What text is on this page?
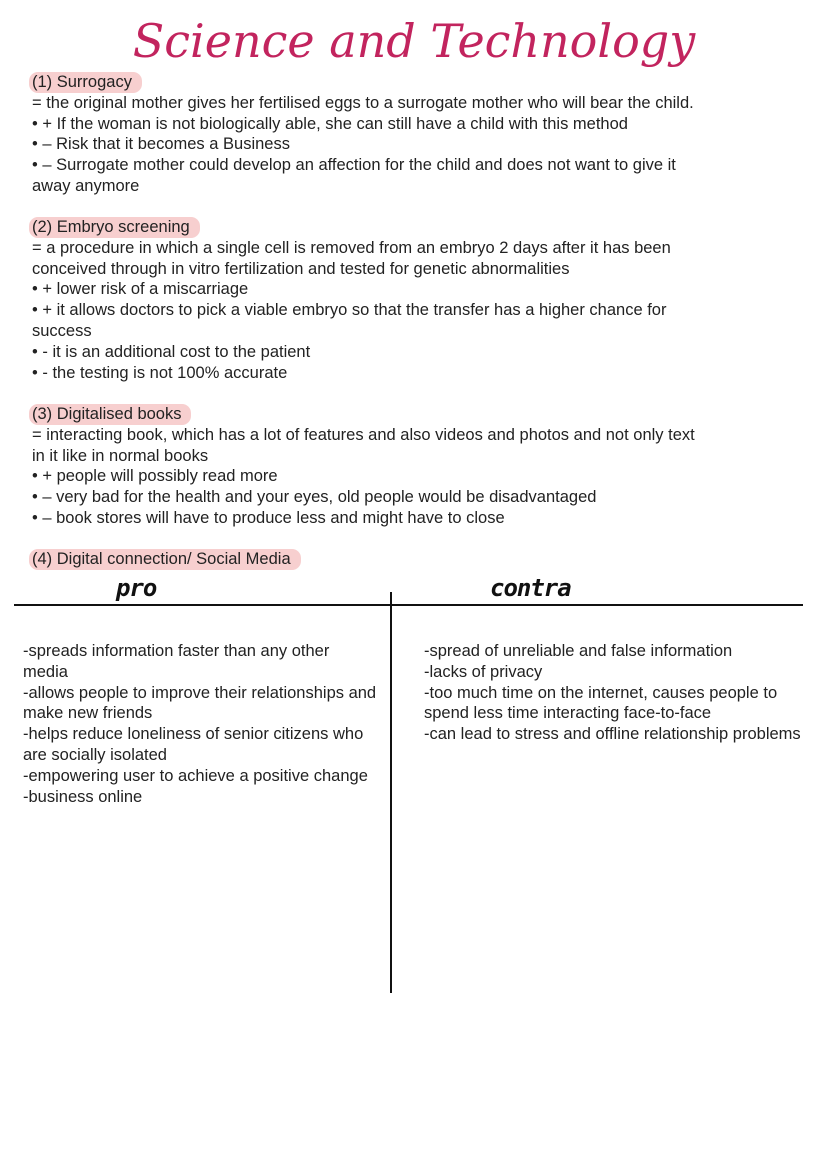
Science and Technology
(1) Surrogacy
= the original mother gives her fertilised eggs to a surrogate mother who will bear the child.
• + If the woman is not biologically able, she can still have a child with this method
• – Risk that it becomes a Business
• – Surrogate mother could develop an affection for the child and does not want to give it
away anymore
(2) Embryo screening
= a procedure in which a single cell is removed from an embryo 2 days after it has been
conceived through in vitro fertilization and tested for genetic abnormalities
• + lower risk of a miscarriage
• + it allows doctors to pick a viable embryo so that the transfer has a higher chance for
success
• - it is an additional cost to the patient
• - the testing is not 100% accurate
(3) Digitalised books
= interacting book, which has a lot of features and also videos and photos and not only text
in it like in normal books
• + people will possibly read more
• – very bad for the health and your eyes, old people would be disadvantaged
• – book stores will have to produce less and might have to close
(4) Digital connection/ Social Media
pro	contra
-spreads information faster than any other media
-allows people to improve their relationships and make new friends
-helps reduce loneliness of senior citizens who are socially isolated
-empowering user to achieve a positive change
-business online
-spread of unreliable and false information
-lacks of privacy
-too much time on the internet, causes people to spend less time interacting face-to-face
-can lead to stress and offline relationship problems
